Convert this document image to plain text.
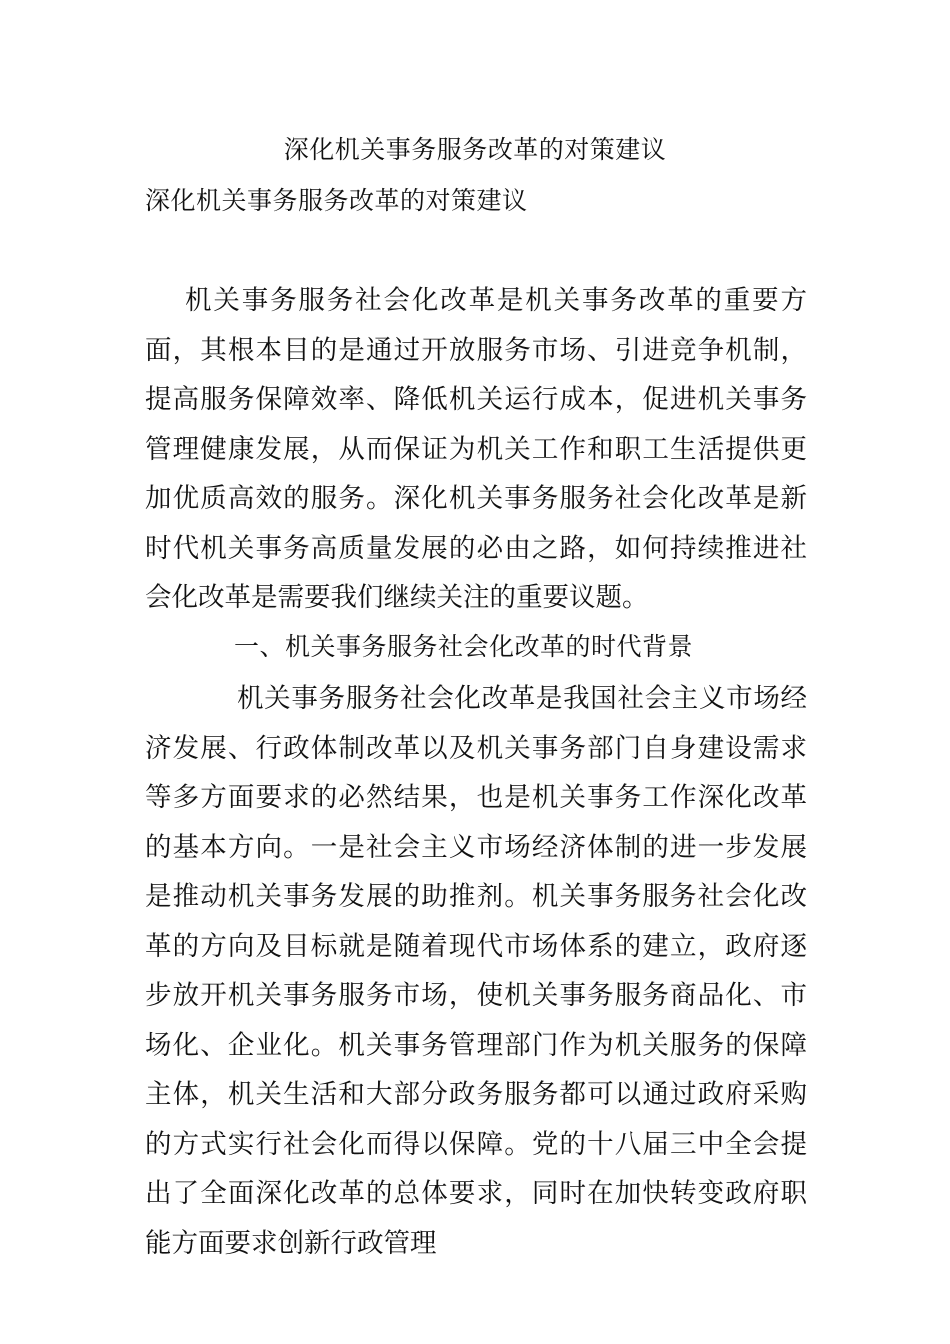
深化机关事务服务改革的对策建议
深化机关事务服务改革的对策建议

机关事务服务社会化改革是机关事务改革的重要方面，其根本目的是通过开放服务市场、引进竞争机制，提高服务保障效率、降低机关运行成本，促进机关事务管理健康发展，从而保证为机关工作和职工生活提供更加优质高效的服务。深化机关事务服务社会化改革是新时代机关事务高质量发展的必由之路，如何持续推进社会化改革是需要我们继续关注的重要议题。

一、机关事务服务社会化改革的时代背景

机关事务服务社会化改革是我国社会主义市场经济发展、行政体制改革以及机关事务部门自身建设需求等多方面要求的必然结果，也是机关事务工作深化改革的基本方向。一是社会主义市场经济体制的进一步发展是推动机关事务发展的助推剂。机关事务服务社会化改革的方向及目标就是随着现代市场体系的建立，政府逐步放开机关事务服务市场，使机关事务服务商品化、市场化、企业化。机关事务管理部门作为机关服务的保障主体，机关生活和大部分政务服务都可以通过政府采购的方式实行社会化而得以保障。党的十八届三中全会提出了全面深化改革的总体要求，同时在加快转变政府职能方面要求创新行政管理
